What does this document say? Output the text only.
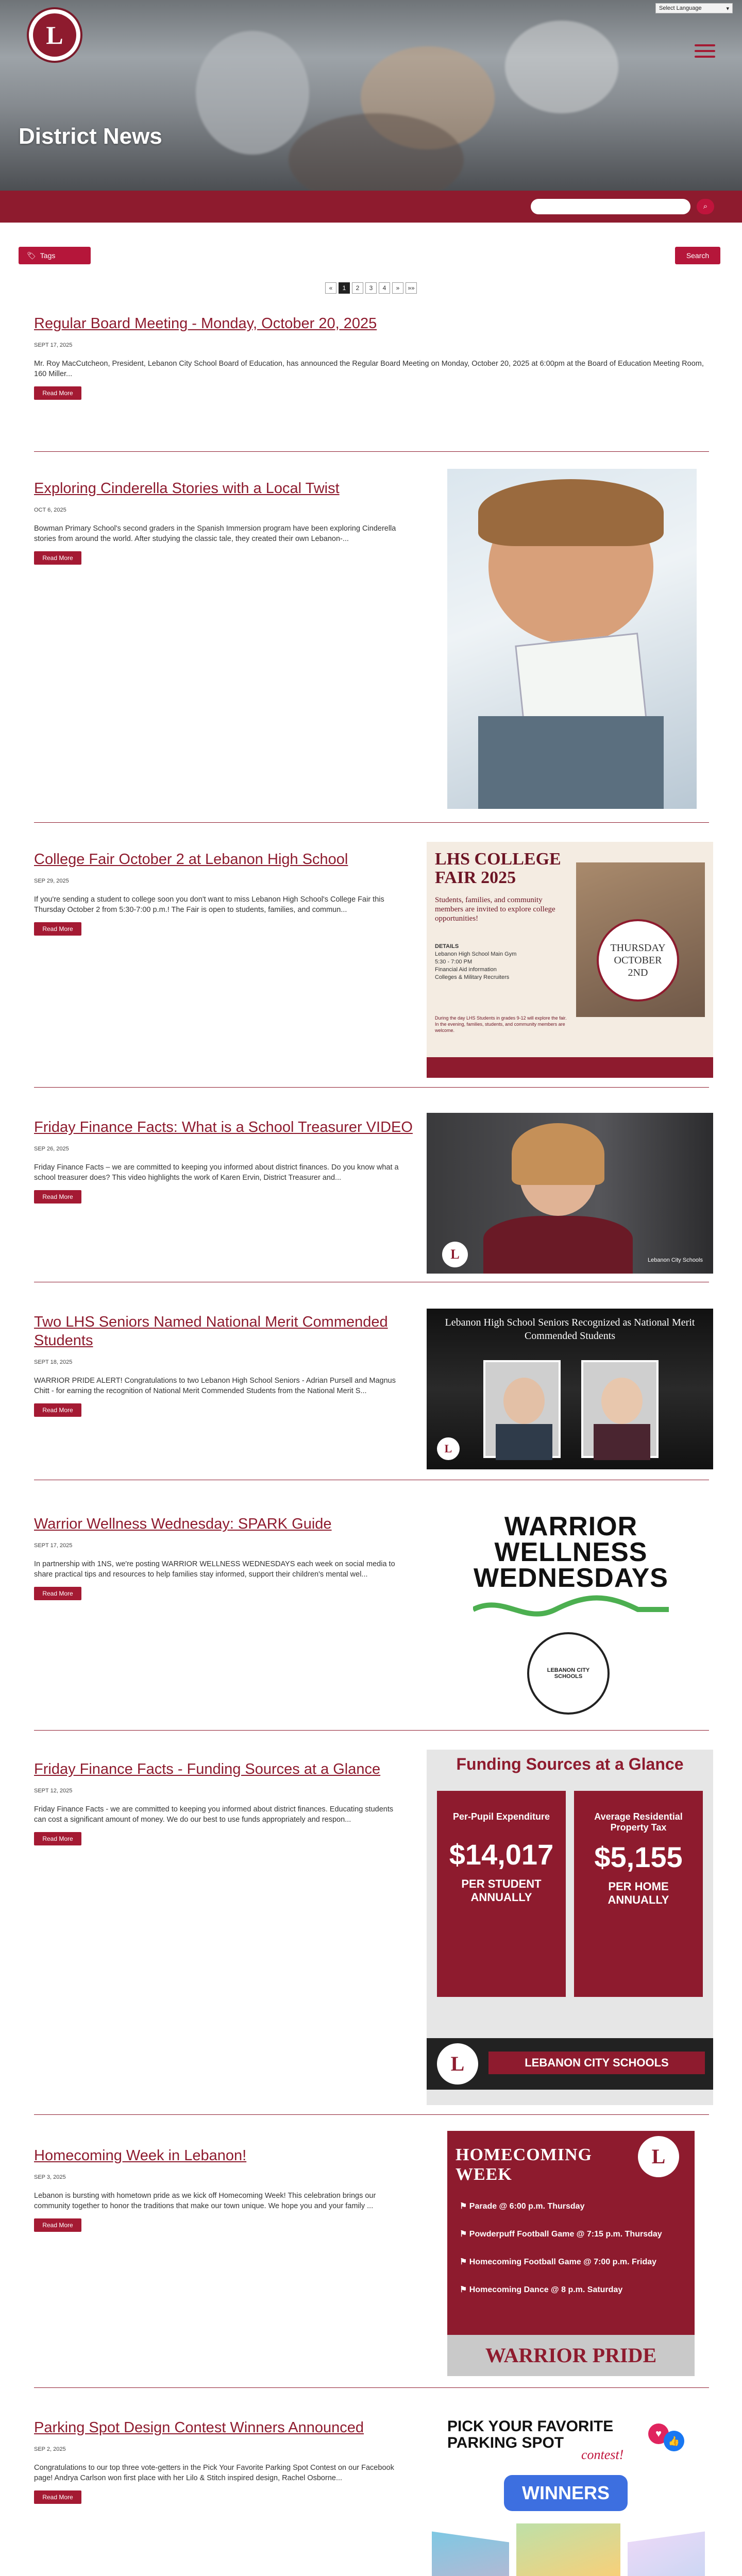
Select Language	▾
L
District News
⌕
🏷 Tags	Search
«	1	2	3	4	»	»»
Regular Board Meeting - Monday, October 20, 2025
SEPT 17, 2025
Mr. Roy MacCutcheon, President, Lebanon City School Board of Education, has announced the Regular Board Meeting on Monday, October 20, 2025 at 6:00pm at the Board of Education Meeting Room, 160 Miller...
Read More
Exploring Cinderella Stories with a Local Twist
OCT 6, 2025
Bowman Primary School's second graders in the Spanish Immersion program have been exploring Cinderella stories from around the world. After studying the classic tale, they created their own Lebanon-...
Read More
College Fair October 2 at Lebanon High School
SEP 29, 2025
If you're sending a student to college soon you don't want to miss Lebanon High School's College Fair this Thursday October 2 from 5:30-7:00 p.m.! The Fair is open to students, families, and commun...
Read More
LHS COLLEGE FAIR 2025
Students, families, and community members are invited to explore college opportunities!
DETAILS
Lebanon High School Main Gym
5:30 - 7:00 PM
Financial Aid information
Colleges & Military Recruiters
THURSDAY OCTOBER 2ND
During the day LHS Students in grades 9-12 will explore the fair. In the evening, families, students, and community members are welcome.
Friday Finance Facts: What is a School Treasurer VIDEO
SEP 26, 2025
Friday Finance Facts – we are committed to keeping you informed about district finances. Do you know what a school treasurer does? This video highlights the work of Karen Ervin, District Treasurer and...
Read More
L	Lebanon City Schools
Two LHS Seniors Named National Merit Commended Students
SEPT 18, 2025
WARRIOR PRIDE ALERT! Congratulations to two Lebanon High School Seniors - Adrian Pursell and Magnus Chitt - for earning the recognition of National Merit Commended Students from the National Merit S...
Read More
Lebanon High School Seniors Recognized as National Merit Commended Students
L
Warrior Wellness Wednesday: SPARK Guide
SEPT 17, 2025
In partnership with 1NS, we're posting WARRIOR WELLNESS WEDNESDAYS each week on social media to share practical tips and resources to help families stay informed, support their children's mental wel...
Read More
WARRIOR
WELLNESS
WEDNESDAYS
LEBANON CITY SCHOOLS
Friday Finance Facts - Funding Sources at a Glance
SEPT 12, 2025
Friday Finance Facts - we are committed to keeping you informed about district finances. Educating students can cost a significant amount of money. We do our best to use funds appropriately and respon...
Read More
Funding Sources at a Glance
Per-Pupil Expenditure
$14,017
PER STUDENT ANNUALLY
Average Residential Property Tax
$5,155
PER HOME ANNUALLY
L	LEBANON CITY SCHOOLS
Homecoming Week in Lebanon!
SEP 3, 2025
Lebanon is bursting with hometown pride as we kick off Homecoming Week! This celebration brings our community together to honor the traditions that make our town unique. We hope you and your family ...
Read More
HOMECOMING WEEK
L
⚑ Parade @ 6:00 p.m. Thursday
⚑ Powderpuff Football Game @ 7:15 p.m. Thursday
⚑ Homecoming Football Game @ 7:00 p.m. Friday
⚑ Homecoming Dance @ 8 p.m. Saturday
WARRIOR PRIDE
Parking Spot Design Contest Winners Announced
SEP 2, 2025
Congratulations to our top three vote-getters in the Pick Your Favorite Parking Spot Contest on our Facebook page! Andrya Carlson won first place with her Lilo & Stitch inspired design, Rachel Osborne...
Read More
PICK YOUR FAVORITE
PARKING SPOT
contest!
♥
👍
WINNERS
